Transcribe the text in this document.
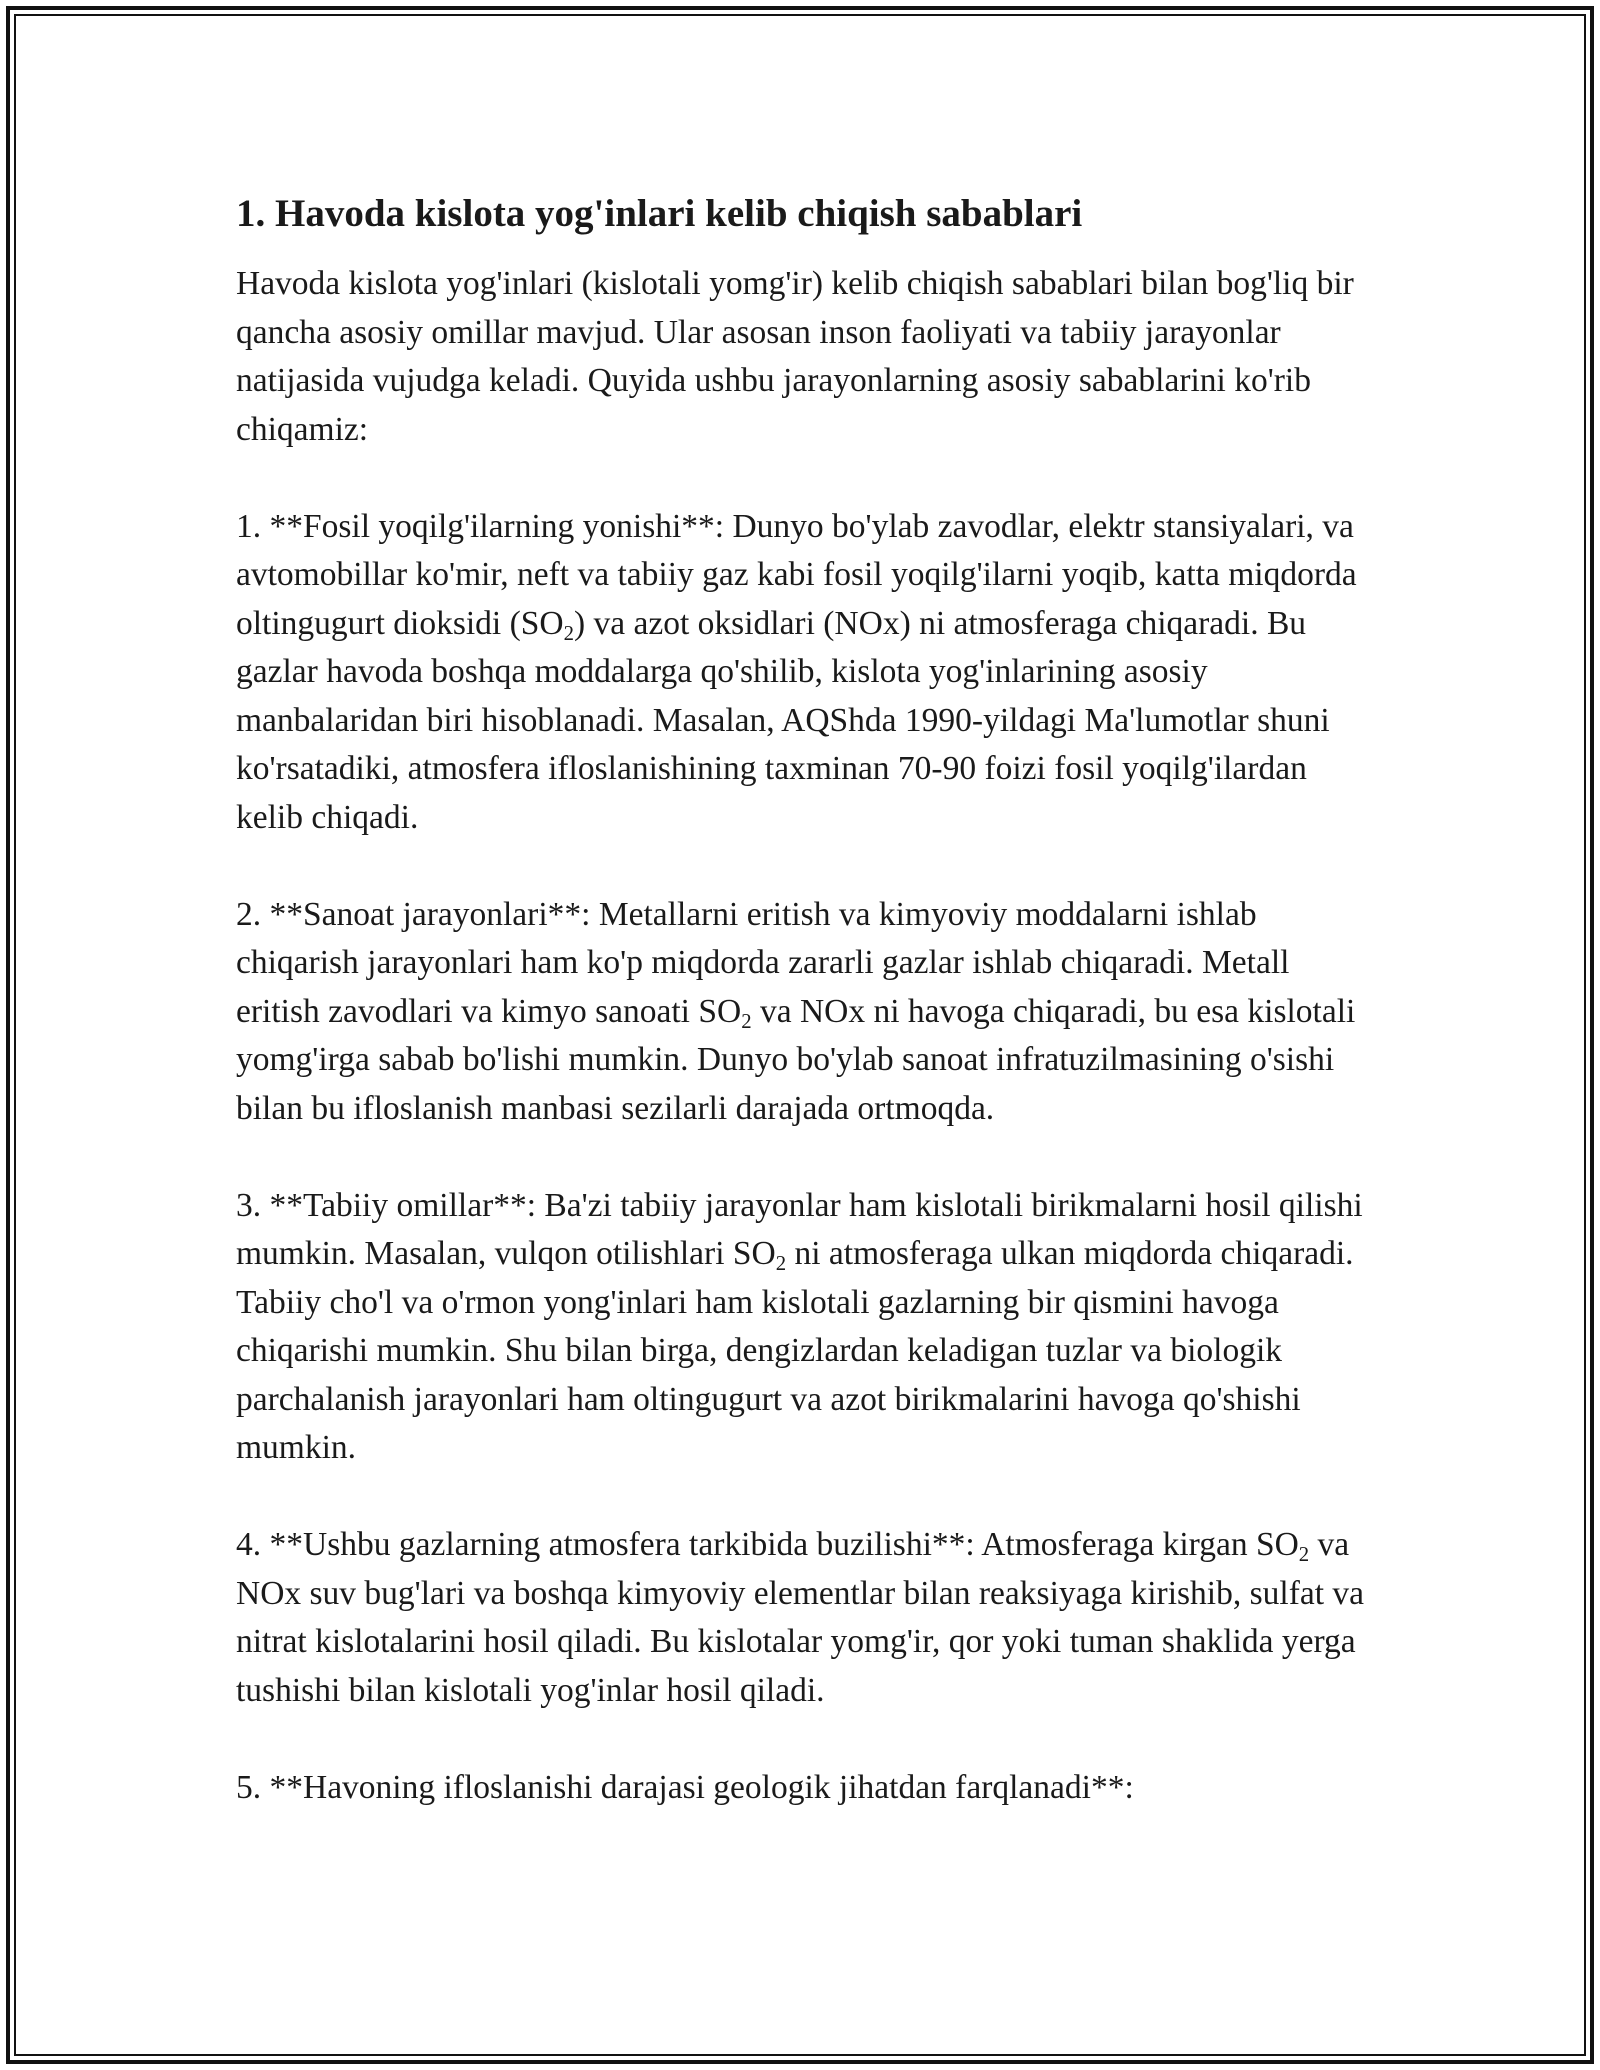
1. Havoda kislota yog'inlari kelib chiqish sabablari

Havoda kislota yog'inlari (kislotali yomg'ir) kelib chiqish sabablari bilan bog'liq bir qancha asosiy omillar mavjud. Ular asosan inson faoliyati va tabiiy jarayonlar natijasida vujudga keladi. Quyida ushbu jarayonlarning asosiy sabablarini ko'rib chiqamiz:

1. **Fosil yoqilg'ilarning yonishi**: Dunyo bo'ylab zavodlar, elektr stansiyalari, va avtomobillar ko'mir, neft va tabiiy gaz kabi fosil yoqilg'ilarni yoqib, katta miqdorda oltingugurt dioksidi $(SO_2)$ va azot oksidlari (NOx) ni atmosferaga chiqaradi. Bu gazlar havoda boshqa moddalarga qo'shilib, kislota yog'inlarining asosiy manbalaridan biri hisoblanadi. Masalan, AQShda 1990-yildagi Ma'lumotlar shuni ko'rsatadiki, atmosfera ifloslanishining taxminan 70-90 foizi fosil yoqilg'ilardan kelib chiqadi.

2. **Sanoat jarayonlari**: Metallarni eritish va kimyoviy moddalarni ishlab chiqarish jarayonlari ham ko'p miqdorda zararli gazlar ishlab chiqaradi. Metall eritish zavodlari va kimyo sanoati $SO_2$ va NOx ni havoga chiqaradi, bu esa kislotali yomg'irga sabab bo'lishi mumkin. Dunyo bo'ylab sanoat infratuzilmasining o'sishi bilan bu ifloslanish manbasi sezilarli darajada ortmoqda.

3. **Tabiiy omillar**: Ba'zi tabiiy jarayonlar ham kislotali birikmalarni hosil qilishi mumkin. Masalan, vulqon otilishlari $SO_2$ ni atmosferaga ulkan miqdorda chiqaradi. Tabiiy cho'l va o'rmon yong'inlari ham kislotali gazlarning bir qismini havoga chiqarishi mumkin. Shu bilan birga, dengizlardan keladigan tuzlar va biologik parchalanish jarayonlari ham oltingugurt va azot birikmalarini havoga qo'shishi mumkin.

4. **Ushbu gazlarning atmosfera tarkibida buzilishi**: Atmosferaga kirgan $SO_2$ va NOx suv bug'lari va boshqa kimyoviy elementlar bilan reaksiyaga kirishib, sulfat va nitrat kislotalarini hosil qiladi. Bu kislotalar yomg'ir, qor yoki tuman shaklida yerga tushishi bilan kislotali yog'inlar hosil qiladi.

5. **Havoning ifloslanishi darajasi geologik jihatdan farqlanadi**:
